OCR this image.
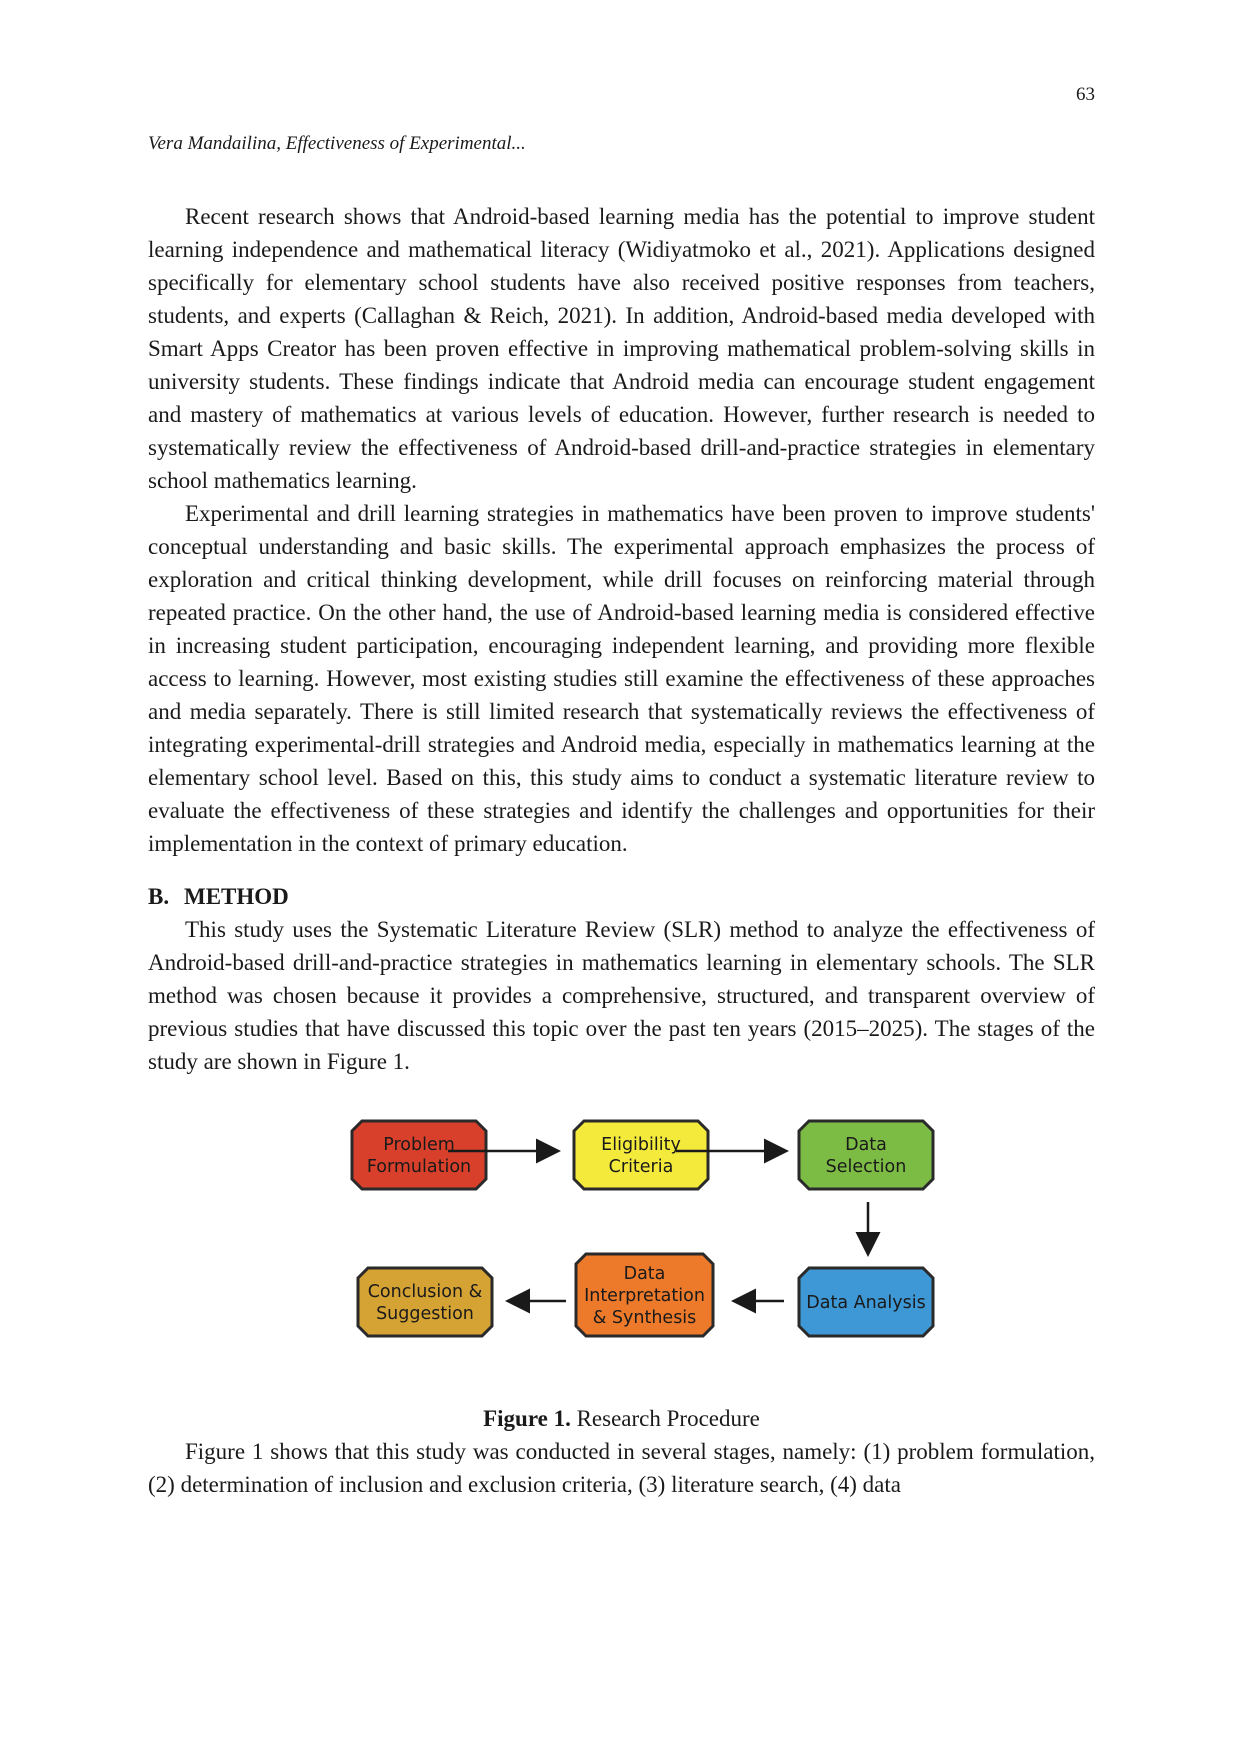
63
Vera Mandailina, Effectiveness of Experimental...

Recent research shows that Android-based learning media has the potential to improve student learning independence and mathematical literacy (Widiyatmoko et al., 2021). Applications designed specifically for elementary school students have also received positive responses from teachers, students, and experts (Callaghan & Reich, 2021). In addition, Android-based media developed with Smart Apps Creator has been proven effective in improving mathematical problem-solving skills in university students. These findings indicate that Android media can encourage student engagement and mastery of mathematics at various levels of education. However, further research is needed to systematically review the effectiveness of Android-based drill-and-practice strategies in elementary school mathematics learning.

Experimental and drill learning strategies in mathematics have been proven to improve students' conceptual understanding and basic skills. The experimental approach emphasizes the process of exploration and critical thinking development, while drill focuses on reinforcing material through repeated practice. On the other hand, the use of Android-based learning media is considered effective in increasing student participation, encouraging independent learning, and providing more flexible access to learning. However, most existing studies still examine the effectiveness of these approaches and media separately. There is still limited research that systematically reviews the effectiveness of integrating experimental-drill strategies and Android media, especially in mathematics learning at the elementary school level. Based on this, this study aims to conduct a systematic literature review to evaluate the effectiveness of these strategies and identify the challenges and opportunities for their implementation in the context of primary education.

B. METHOD

This study uses the Systematic Literature Review (SLR) method to analyze the effectiveness of Android-based drill-and-practice strategies in mathematics learning in elementary schools. The SLR method was chosen because it provides a comprehensive, structured, and transparent overview of previous studies that have discussed this topic over the past ten years (2015–2025). The stages of the study are shown in Figure 1.

Problem
Formulation
Eligibility
Criteria
Data
Selection
Data Analysis
Data
Interpretation
& Synthesis
Conclusion &
Suggestion
Figure 1. Research Procedure

Figure 1 shows that this study was conducted in several stages, namely: (1) problem formulation, (2) determination of inclusion and exclusion criteria, (3) literature search, (4) data
